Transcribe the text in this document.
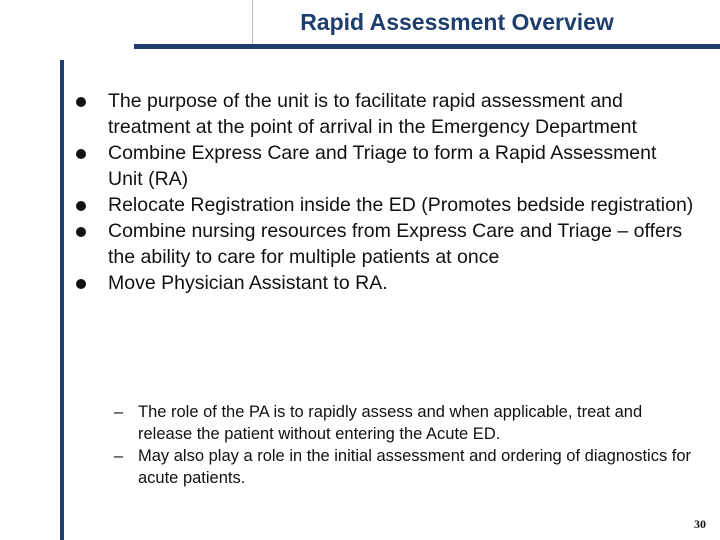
Rapid Assessment Overview
The purpose of the unit is to facilitate rapid assessment and treatment at the point of arrival in the Emergency Department
Combine Express Care and Triage to form a Rapid Assessment Unit (RA)
Relocate Registration inside the ED (Promotes bedside registration)
Combine nursing resources from Express Care and Triage – offers the ability to care for multiple patients at once
Move Physician Assistant to RA.
– The role of the PA is to rapidly assess and when applicable, treat and release the patient without entering the Acute ED.
– May also play a role in the initial assessment and ordering of diagnostics for acute patients.
30
